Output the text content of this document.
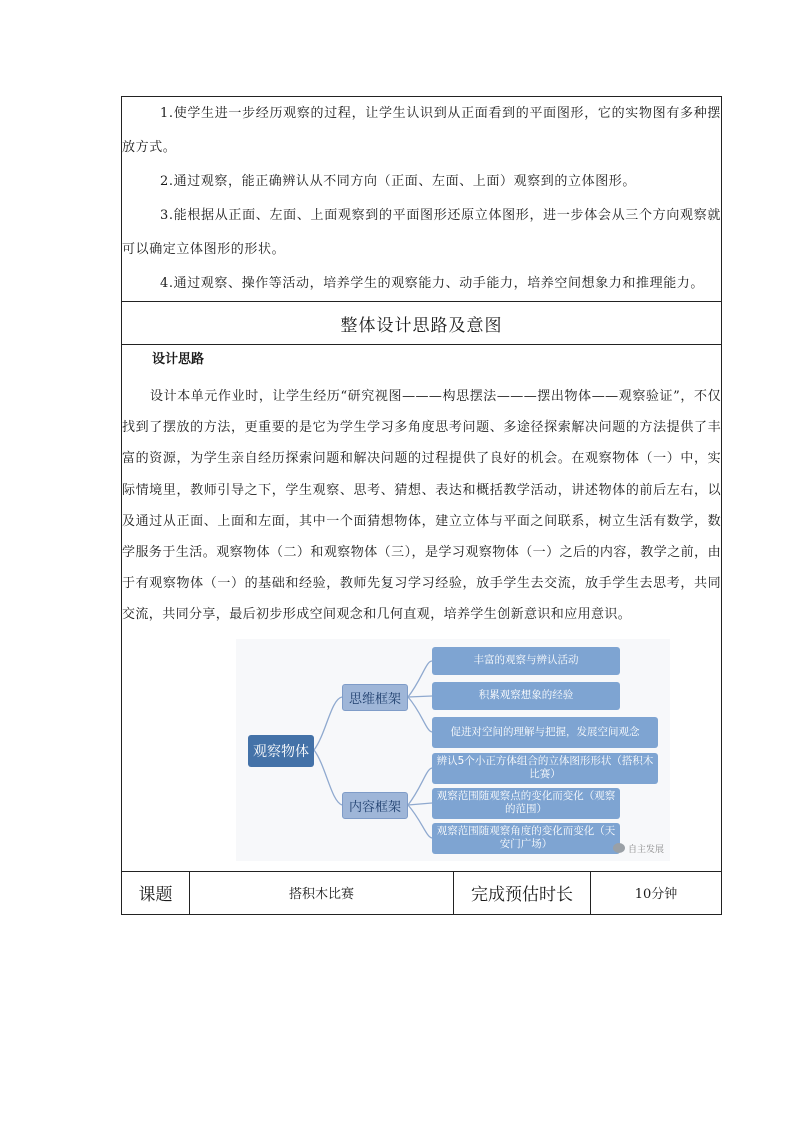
1.使学生进一步经历观察的过程，让学生认识到从正面看到的平面图形，它的实物图有多种摆放方式。

2.通过观察，能正确辨认从不同方向（正面、左面、上面）观察到的立体图形。

3.能根据从正面、左面、上面观察到的平面图形还原立体图形，进一步体会从三个方向观察就可以确定立体图形的形状。

4.通过观察、操作等活动，培养学生的观察能力、动手能力，培养空间想象力和推理能力。

整体设计思路及意图

设计思路

设计本单元作业时，让学生经历“研究视图———构思摆法———摆出物体——观察验证”，不仅找到了摆放的方法，更重要的是它为学生学习多角度思考问题、多途径探索解决问题的方法提供了丰富的资源，为学生亲自经历探索问题和解决问题的过程提供了良好的机会。在观察物体（一）中，实际情境里，教师引导之下，学生观察、思考、猜想、表达和概括教学活动，讲述物体的前后左右，以及通过从正面、上面和左面，其中一个面猜想物体，建立立体与平面之间联系，树立生活有数学，数学服务于生活。观察物体（二）和观察物体（三），是学习观察物体（一）之后的内容，教学之前，由于有观察物体（一）的基础和经验，教师先复习学习经验，放手学生去交流，放手学生去思考，共同交流，共同分享，最后初步形成空间观念和几何直观，培养学生创新意识和应用意识。

观察物体
思维框架
内容框架
丰富的观察与辨认活动
积累观察想象的经验
促进对空间的理解与把握，发展空间观念
辨认5个小正方体组合的立体图形形状（搭积木比赛）
观察范围随观察点的变化而变化（观察的范围）
观察范围随观察角度的变化而变化（天安门广场）	自主发展

课题	搭积木比赛	完成预估时长	10分钟
